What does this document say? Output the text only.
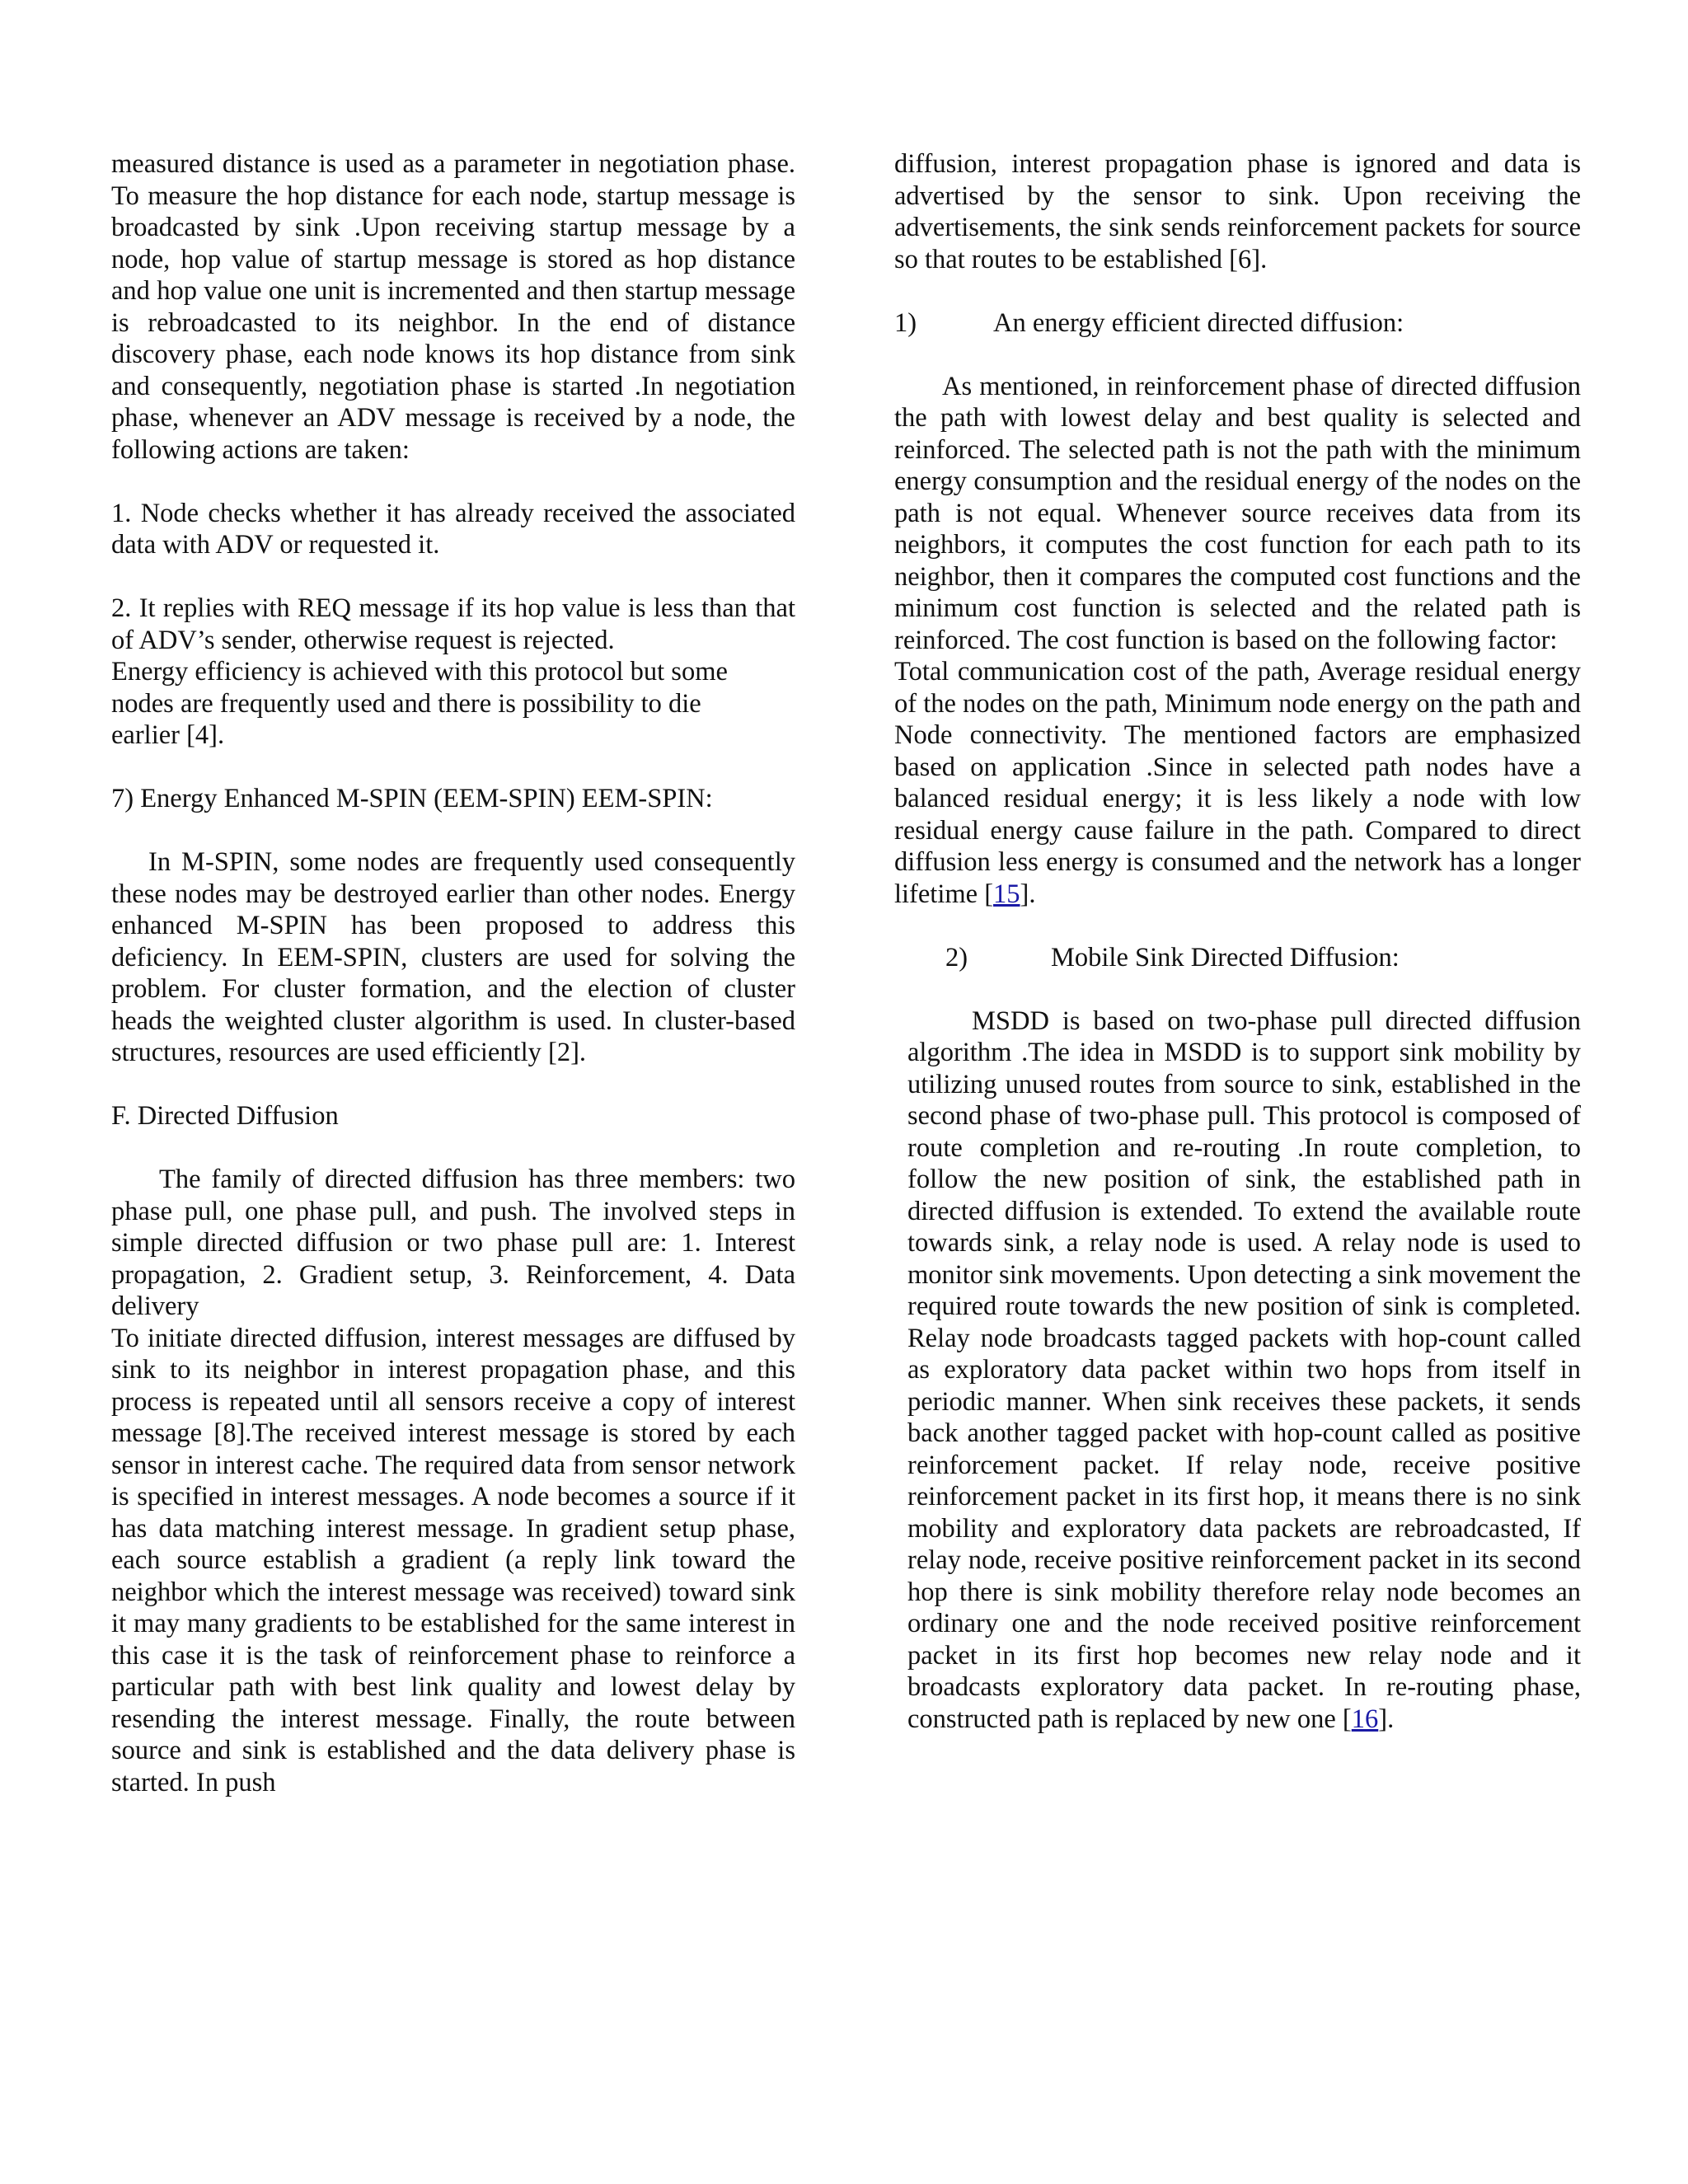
measured distance is used as a parameter in negotiation phase. To measure the hop distance for each node, startup message is broadcasted by sink .Upon receiving startup message by a node, hop value of startup message is stored as hop distance and hop value one unit is incremented and then startup message is rebroadcasted to its neighbor. In the end of distance discovery phase, each node knows its hop distance from sink and consequently, negotiation phase is started .In negotiation phase, whenever an ADV message is received by a node, the following actions are taken:

1. Node checks whether it has already received the associated data with ADV or requested it.

2. It replies with REQ message if its hop value is less than that of ADV’s sender, otherwise request is rejected.

Energy efficiency is achieved with this protocol but some

nodes are frequently used and there is possibility to die

earlier [4].

7) Energy Enhanced M-SPIN (EEM-SPIN) EEM-SPIN:

In M-SPIN, some nodes are frequently used consequently these nodes may be destroyed earlier than other nodes. Energy enhanced M-SPIN has been proposed to address this deficiency. In EEM-SPIN, clusters are used for solving the problem. For cluster formation, and the election of cluster heads the weighted cluster algorithm is used. In cluster-based structures, resources are used efficiently [2].

F. Directed Diffusion

The family of directed diffusion has three members: two phase pull, one phase pull, and push. The involved steps in simple directed diffusion or two phase pull are: 1. Interest propagation, 2. Gradient setup, 3. Reinforcement, 4. Data delivery

To initiate directed diffusion, interest messages are diffused by sink to its neighbor in interest propagation phase, and this process is repeated until all sensors receive a copy of interest message [8].The received interest message is stored by each sensor in interest cache. The required data from sensor network is specified in interest messages. A node becomes a source if it has data matching interest message. In gradient setup phase, each source establish a gradient (a reply link toward the neighbor which the interest message was received) toward sink it may many gradients to be established for the same interest in this case it is the task of reinforcement phase to reinforce a particular path with best link quality and lowest delay by resending the interest message. Finally, the route between source and sink is established and the data delivery phase is started. In push

diffusion, interest propagation phase is ignored and data is advertised by the sensor to sink. Upon receiving the advertisements, the sink sends reinforcement packets for source so that routes to be established [6].

1)	An energy efficient directed diffusion:

As mentioned, in reinforcement phase of directed diffusion the path with lowest delay and best quality is selected and reinforced. The selected path is not the path with the minimum energy consumption and the residual energy of the nodes on the path is not equal. Whenever source receives data from its neighbors, it computes the cost function for each path to its neighbor, then it compares the computed cost functions and the minimum cost function is selected and the related path is reinforced. The cost function is based on the following factor:

Total communication cost of the path, Average residual energy of the nodes on the path, Minimum node energy on the path and Node connectivity. The mentioned factors are emphasized based on application .Since in selected path nodes have a balanced residual energy; it is less likely a node with low residual energy cause failure in the path. Compared to direct diffusion less energy is consumed and the network has a longer lifetime [15].

2)	Mobile Sink Directed Diffusion:

MSDD is based on two-phase pull directed diffusion algorithm .The idea in MSDD is to support sink mobility by utilizing unused routes from source to sink, established in the second phase of two-phase pull. This protocol is composed of route completion and re-routing .In route completion, to follow the new position of sink, the established path in directed diffusion is extended. To extend the available route towards sink, a relay node is used. A relay node is used to monitor sink movements. Upon detecting a sink movement the required route towards the new position of sink is completed. Relay node broadcasts tagged packets with hop-count called as exploratory data packet within two hops from itself in periodic manner. When sink receives these packets, it sends back another tagged packet with hop-count called as positive reinforcement packet. If relay node, receive positive reinforcement packet in its first hop, it means there is no sink mobility and exploratory data packets are rebroadcasted, If relay node, receive positive reinforcement packet in its second hop there is sink mobility therefore relay node becomes an ordinary one and the node received positive reinforcement packet in its first hop becomes new relay node and it broadcasts exploratory data packet. In re-routing phase, constructed path is replaced by new one [16].
